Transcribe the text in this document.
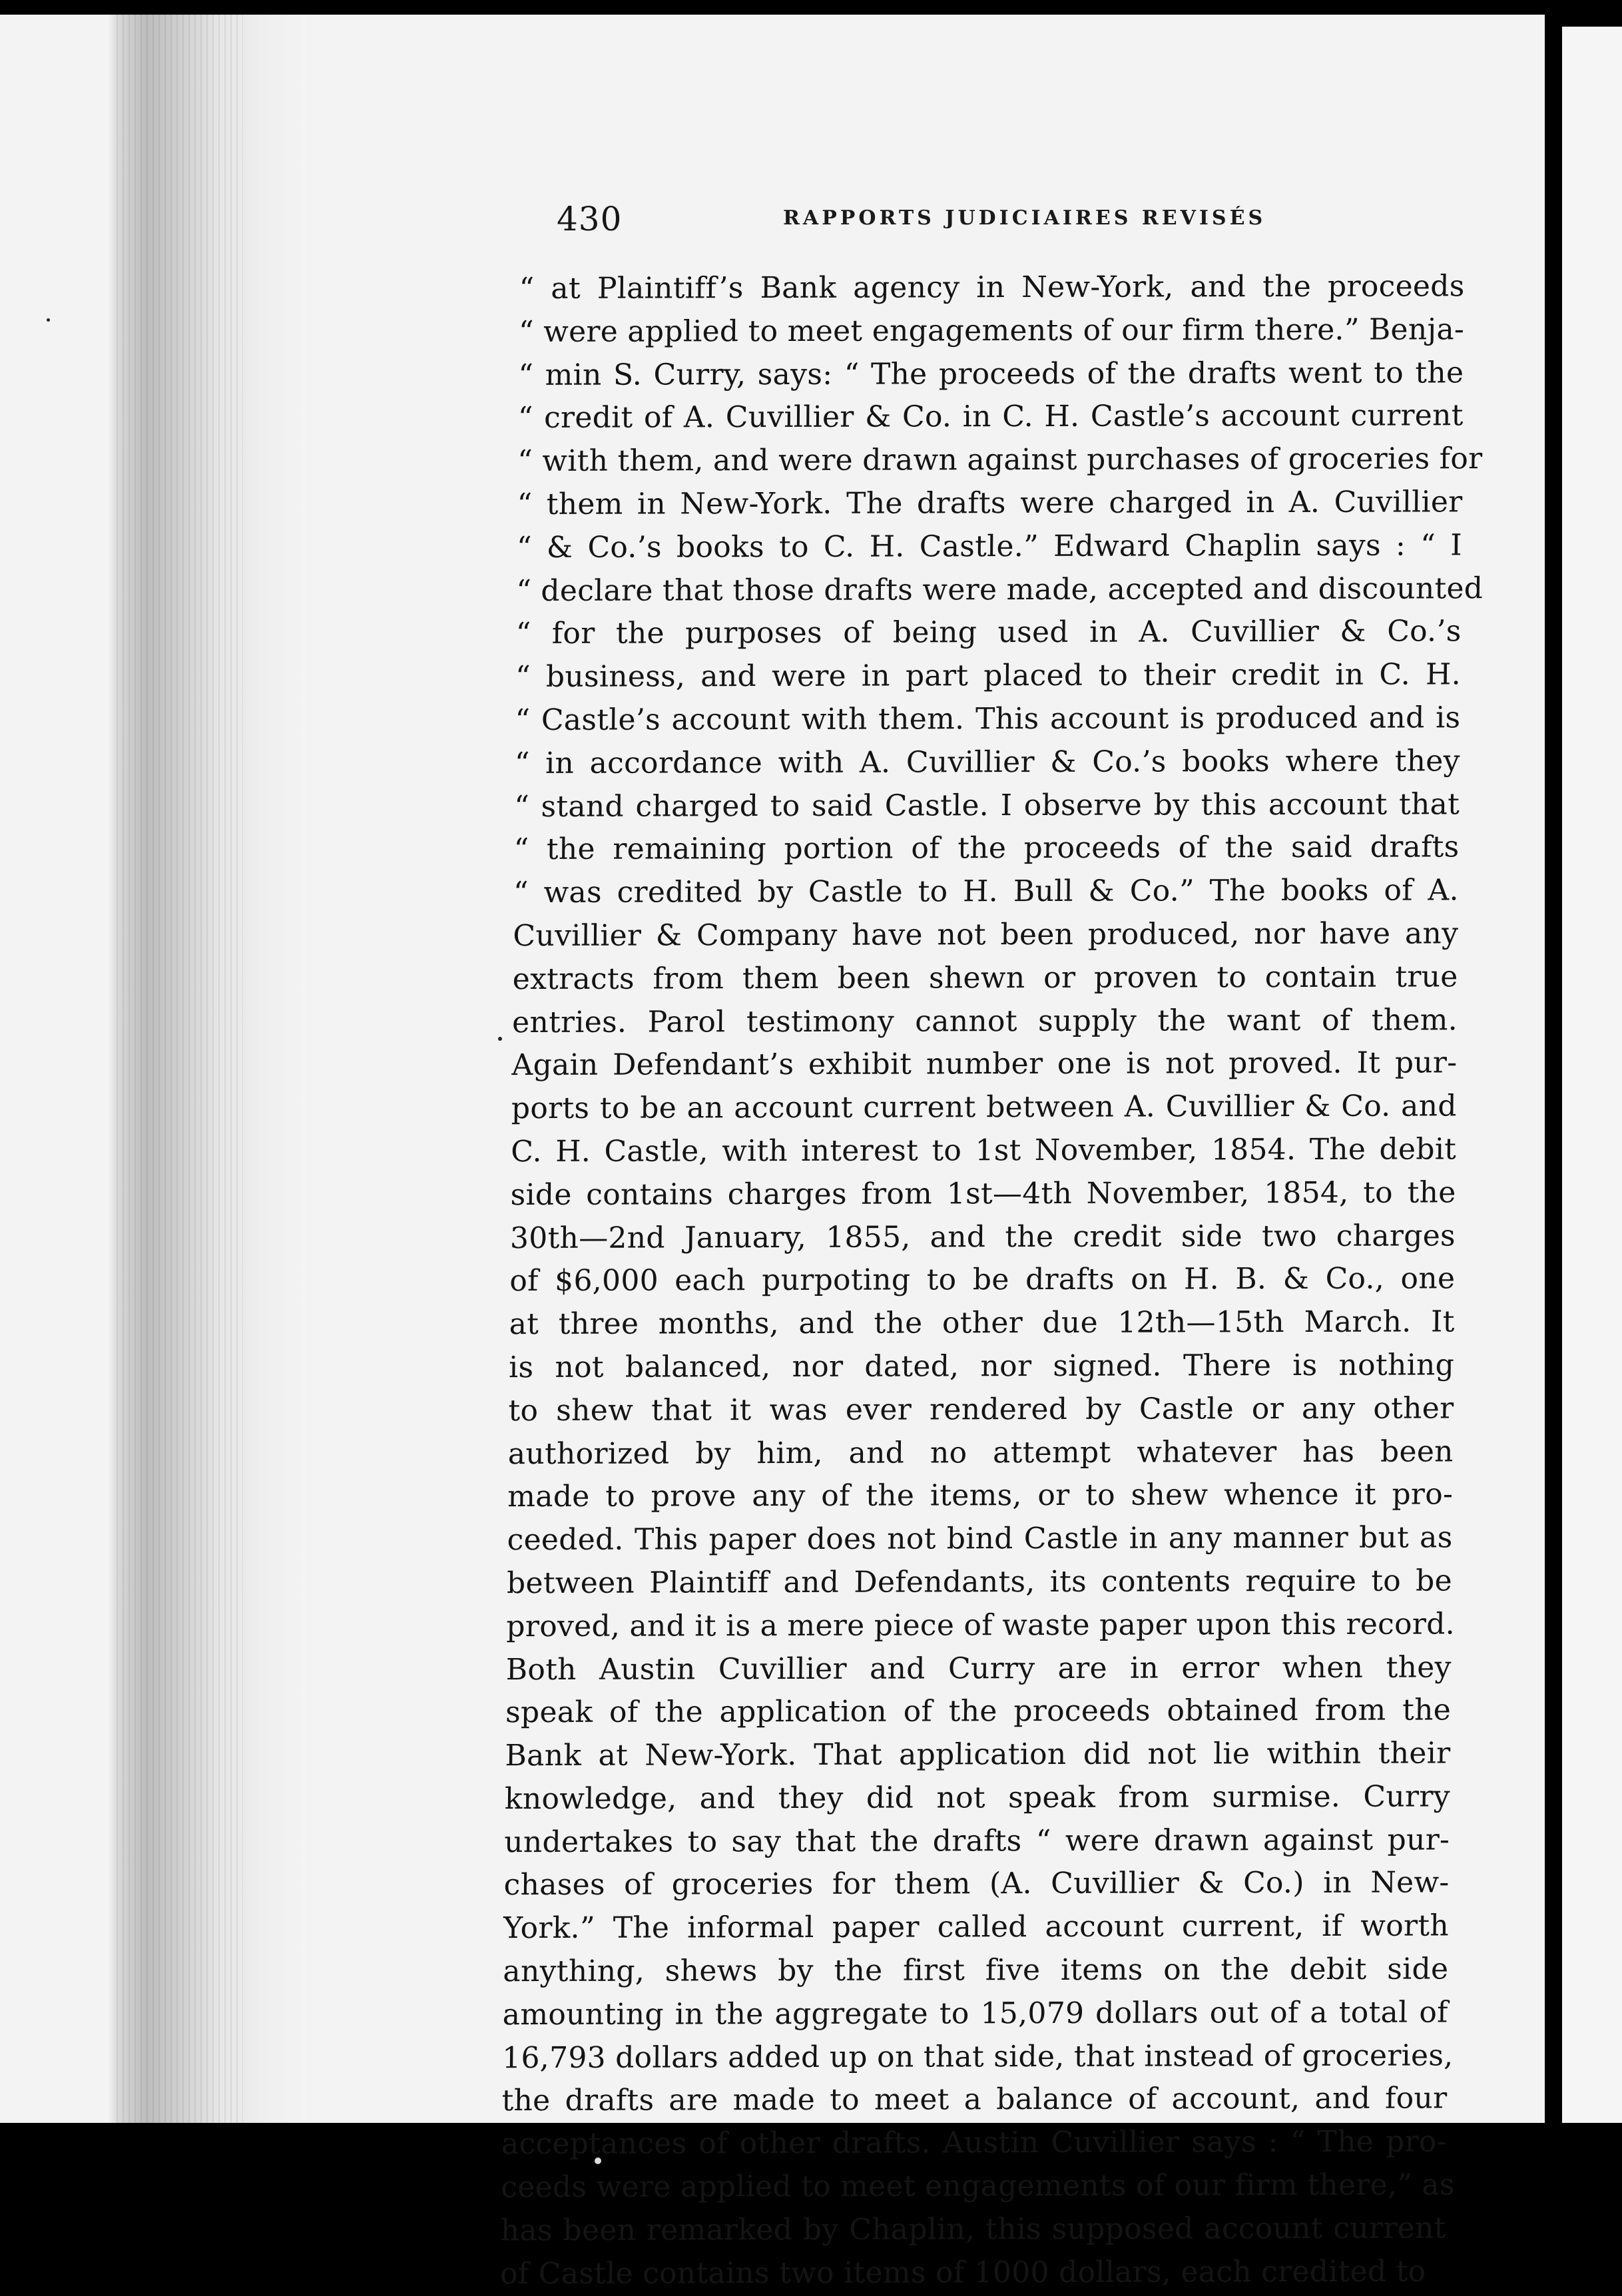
430	RAPPORTS JUDICIAIRES REVISÉS
“ at Plaintiff’s Bank agency in New-York, and the proceeds
“ were applied to meet engagements of our firm there.” Benja-
“ min S. Curry, says: “ The proceeds of the drafts went to the
“ credit of A. Cuvillier & Co. in C. H. Castle’s account current
“ with them, and were drawn against purchases of groceries for
“ them in New-York. The drafts were charged in A. Cuvillier
“ & Co.’s books to C. H. Castle.” Edward Chaplin says : “ I
“ declare that those drafts were made, accepted and discounted
“ for the purposes of being used in A. Cuvillier & Co.’s
“ business, and were in part placed to their credit in C. H.
“ Castle’s account with them. This account is produced and is
“ in accordance with A. Cuvillier & Co.’s books where they
“ stand charged to said Castle. I observe by this account that
“ the remaining portion of the proceeds of the said drafts
“ was credited by Castle to H. Bull & Co.” The books of A.
Cuvillier & Company have not been produced, nor have any
extracts from them been shewn or proven to contain true
entries. Parol testimony cannot supply the want of them.
Again Defendant’s exhibit number one is not proved. It pur-
ports to be an account current between A. Cuvillier & Co. and
C. H. Castle, with interest to 1st November, 1854. The debit
side contains charges from 1st—4th November, 1854, to the
30th—2nd January, 1855, and the credit side two charges
of $6,000 each purpoting to be drafts on H. B. & Co., one
at three months, and the other due 12th—15th March. It
is not balanced, nor dated, nor signed. There is nothing
to shew that it was ever rendered by Castle or any other
authorized by him, and no attempt whatever has been
made to prove any of the items, or to shew whence it pro-
ceeded. This paper does not bind Castle in any manner but as
between Plaintiff and Defendants, its contents require to be
proved, and it is a mere piece of waste paper upon this record.
Both Austin Cuvillier and Curry are in error when they
speak of the application of the proceeds obtained from the
Bank at New-York. That application did not lie within their
knowledge, and they did not speak from surmise. Curry
undertakes to say that the drafts “ were drawn against pur-
chases of groceries for them (A. Cuvillier & Co.) in New-
York.” The informal paper called account current, if worth
anything, shews by the first five items on the debit side
amounting in the aggregate to 15,079 dollars out of a total of
16,793 dollars added up on that side, that instead of groceries,
the drafts are made to meet a balance of account, and four
acceptances of other drafts. Austin Cuvillier says : “ The pro-
ceeds were applied to meet engagements of our firm there,” as
has been remarked by Chaplin, this supposed account current
of Castle contains two items of 1000 dollars, each credited to
